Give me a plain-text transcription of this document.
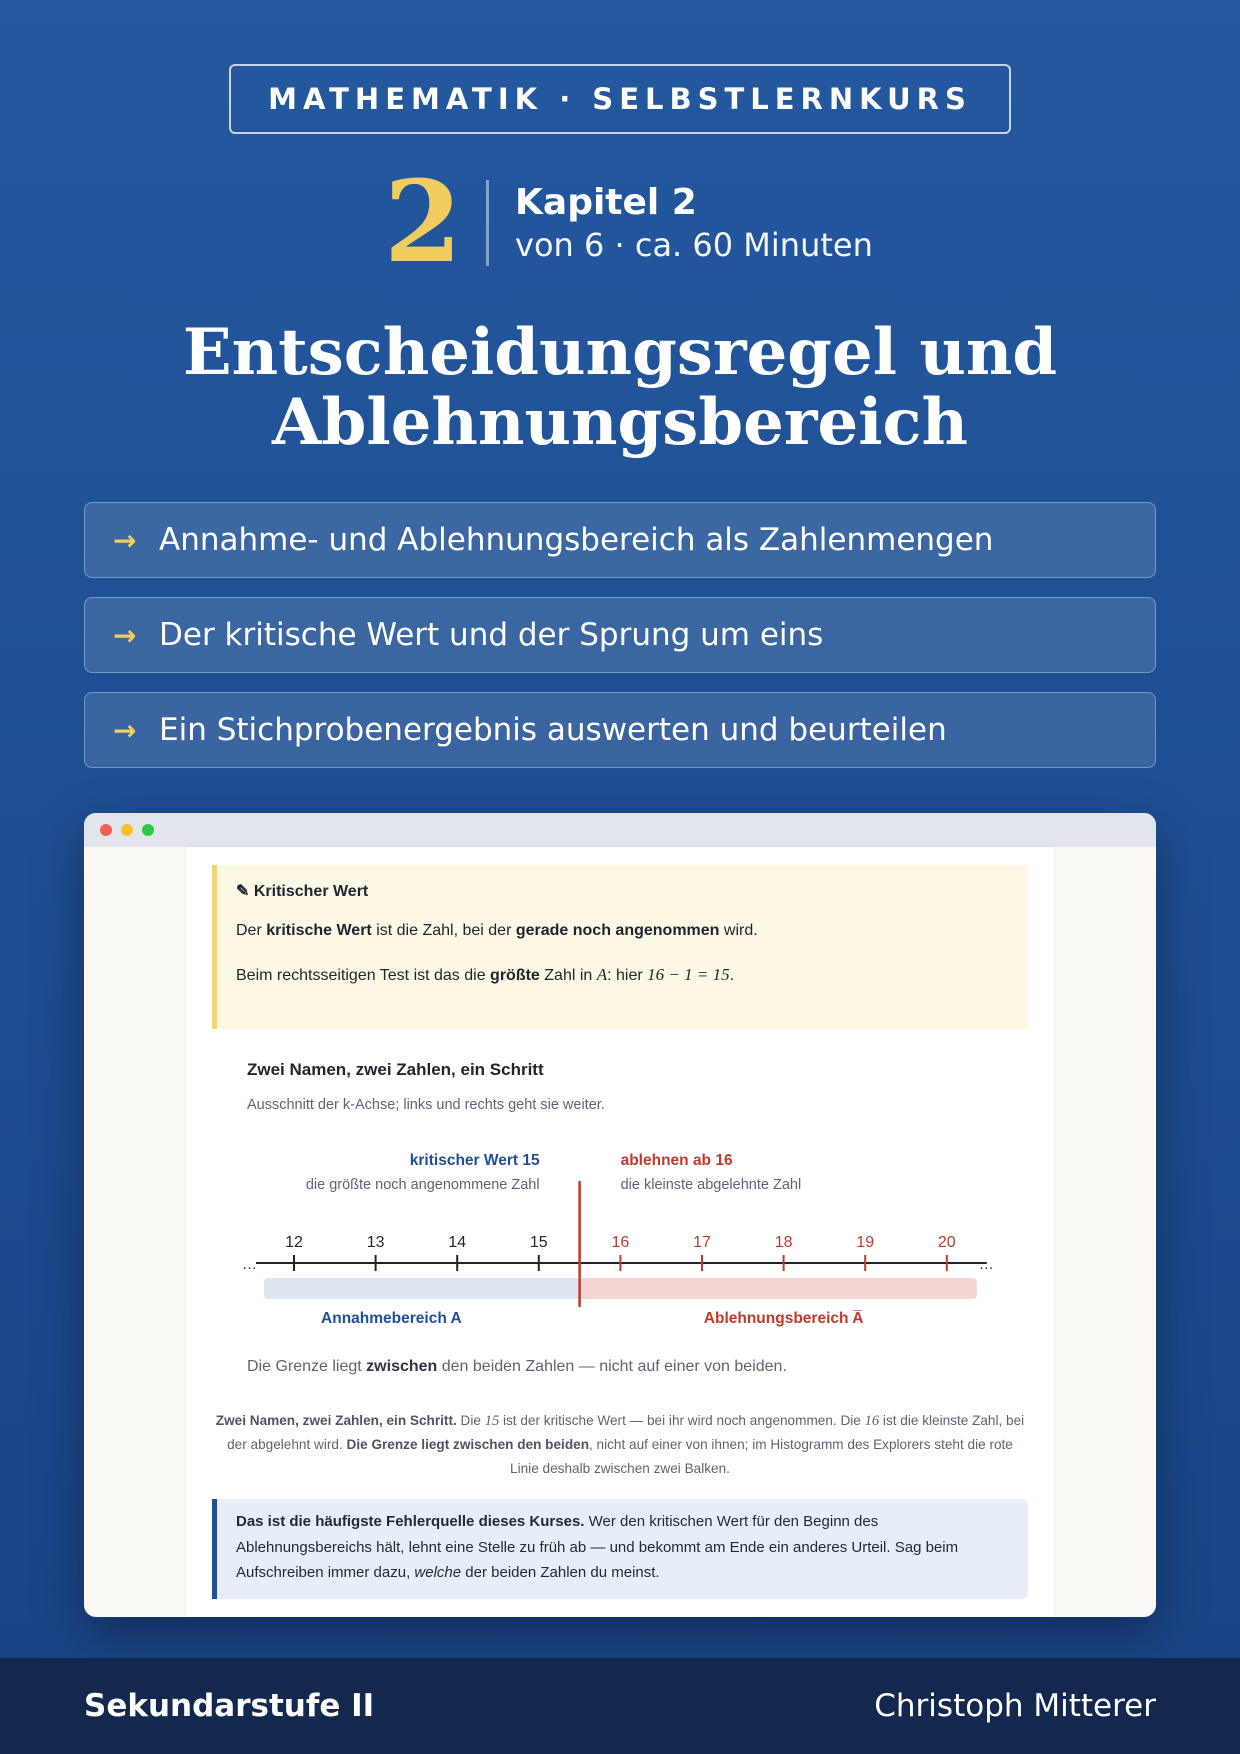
MATHEMATIK · SELBSTLERNKURS
2 Kapitel 2
von 6 · ca. 60 Minuten
Entscheidungsregel und
Ablehnungsbereich
→ Annahme- und Ablehnungsbereich als Zahlenmengen
→ Der kritische Wert und der Sprung um eins
→ Ein Stichprobenergebnis auswerten und beurteilen
✎ Kritischer Wert
Der kritische Wert ist die Zahl, bei der gerade noch angenommen wird.
Beim rechtsseitigen Test ist das die größte Zahl in A: hier 16 − 1 = 15.
Zwei Namen, zwei Zahlen, ein Schritt
Ausschnitt der k-Achse; links und rechts geht sie weiter.
…	…
12	13	14	15	16	17	18	19	20
kritischer Wert 15
die größte noch angenommene Zahl
ablehnen ab 16
die kleinste abgelehnte Zahl
Annahmebereich A	Ablehnungsbereich A̅
Die Grenze liegt zwischen den beiden Zahlen — nicht auf einer von beiden.
Zwei Namen, zwei Zahlen, ein Schritt. Die 15 ist der kritische Wert — bei ihr wird noch angenommen. Die 16 ist die kleinste Zahl, bei der abgelehnt wird. Die Grenze liegt zwischen den beiden, nicht auf einer von ihnen; im Histogramm des Explorers steht die rote Linie deshalb zwischen zwei Balken.
Das ist die häufigste Fehlerquelle dieses Kurses. Wer den kritischen Wert für den Beginn des Ablehnungsbereichs hält, lehnt eine Stelle zu früh ab — und bekommt am Ende ein anderes Urteil. Sag beim Aufschreiben immer dazu, welche der beiden Zahlen du meinst.
Sekundarstufe II	Christoph Mitterer
